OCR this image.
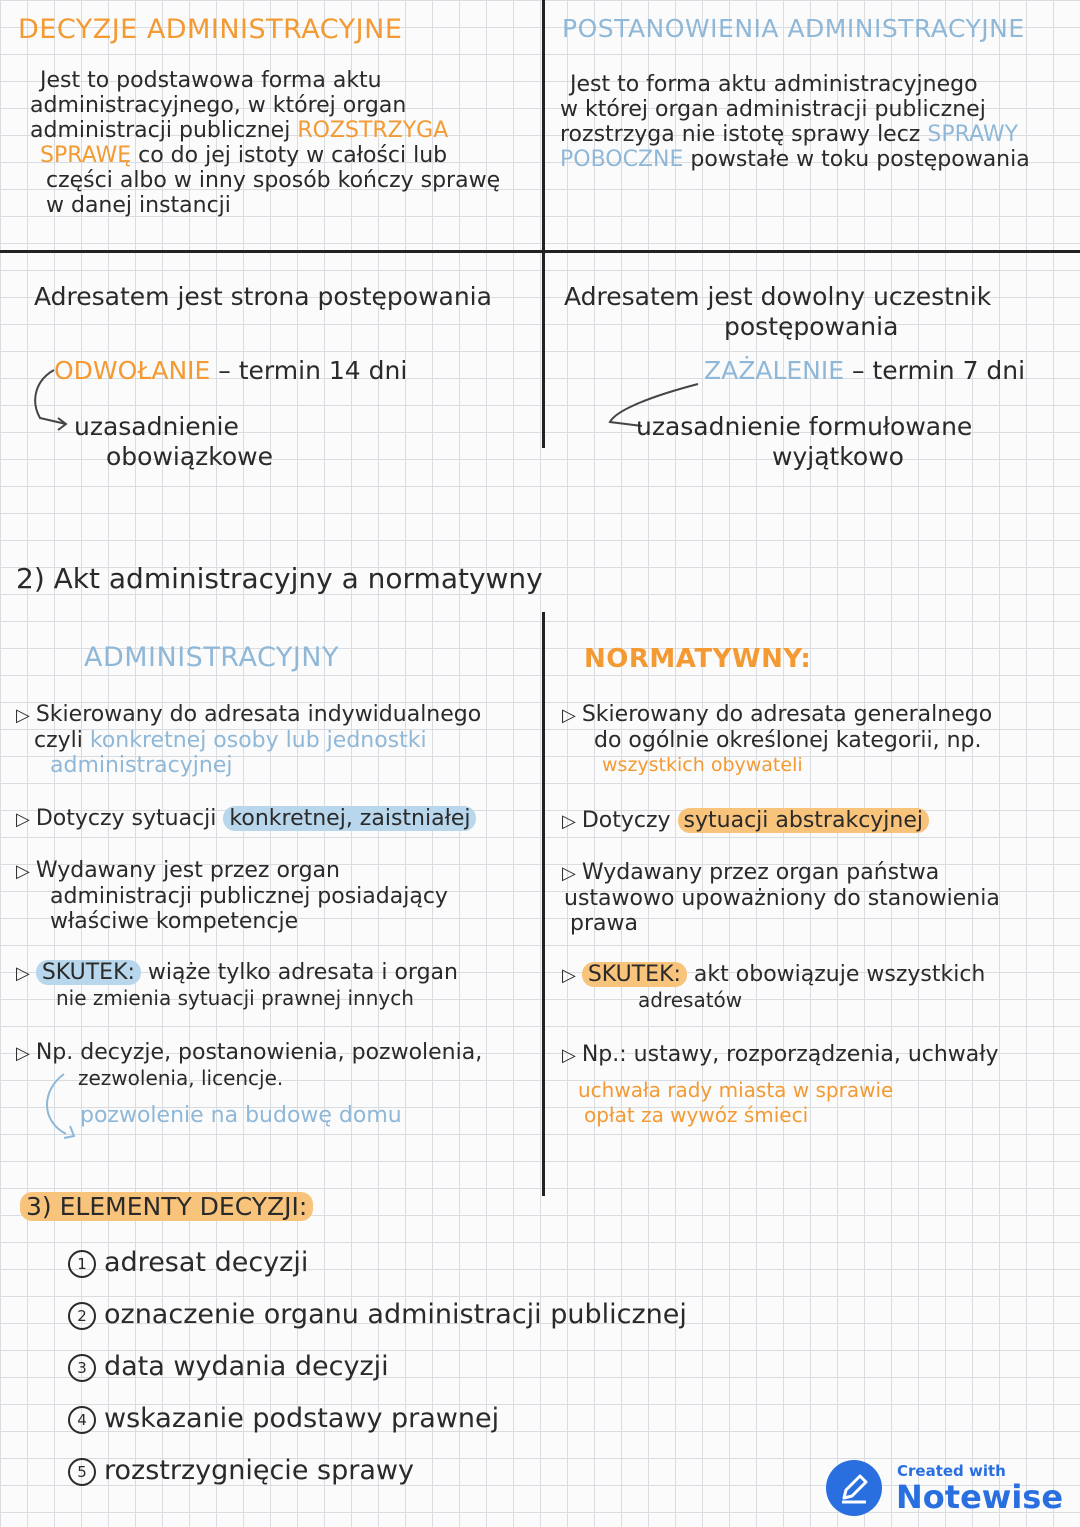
DECYZJE ADMINISTRACYJNE
Jest to podstawowa forma aktu
administracyjnego, w której organ
administracji publicznej ROZSTRZYGA
SPRAWĘ co do jej istoty w całości lub
części albo w inny sposób kończy sprawę
w danej instancji
POSTANOWIENIA ADMINISTRACYJNE
Jest to forma aktu administracyjnego
w której organ administracji publicznej
rozstrzyga nie istotę sprawy lecz SPRAWY
POBOCZNE powstałe w toku postępowania
Adresatem jest strona postępowania
ODWOŁANIE – termin 14 dni
uzasadnienie
obowiązkowe
Adresatem jest dowolny uczestnik
postępowania
ZAŻALENIE – termin 7 dni
uzasadnienie formułowane
wyjątkowo
2) Akt administracyjny a normatywny
ADMINISTRACYJNY	NORMATYWNY:
▷ Skierowany do adresata indywidualnego
czyli konkretnej osoby lub jednostki
administracyjnej
▷ Dotyczy sytuacji konkretnej, zaistniałej
▷ Wydawany jest przez organ
administracji publicznej posiadający
właściwe kompetencje
▷ SKUTEK: wiąże tylko adresata i organ
nie zmienia sytuacji prawnej innych
▷ Np. decyzje, postanowienia, pozwolenia,
zezwolenia, licencje.
pozwolenie na budowę domu
▷ Skierowany do adresata generalnego
do ogólnie określonej kategorii, np.
wszystkich obywateli
▷ Dotyczy sytuacji abstrakcyjnej
▷ Wydawany przez organ państwa
ustawowo upoważniony do stanowienia
prawa
▷ SKUTEK: akt obowiązuje wszystkich
adresatów
▷ Np.: ustawy, rozporządzenia, uchwały
uchwała rady miasta w sprawie
opłat za wywóz śmieci
3) ELEMENTY DECYZJI:
1 adresat decyzji
2 oznaczenie organu administracji publicznej
3 data wydania decyzji
4 wskazanie podstawy prawnej
5 rozstrzygnięcie sprawy	Created with
Notewise
